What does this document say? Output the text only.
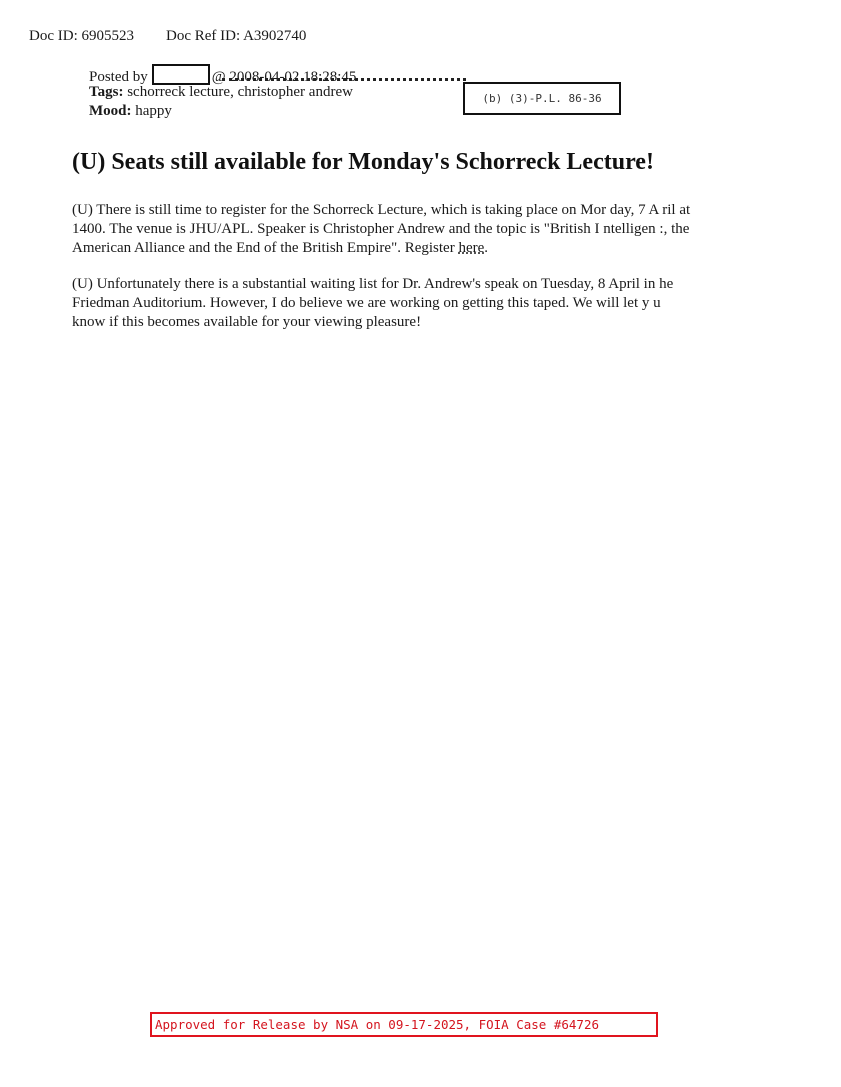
Doc ID: 6905523 Doc Ref ID: A3902740
Posted by	@ 2008-04-02 18:28:45
Tags: schorreck lecture, christopher andrew
Mood: happy
(b) (3)-P.L. 86-36
(U) Seats still available for Monday's Schorreck Lecture!
(U) There is still time to register for the Schorreck Lecture, which is taking place on Mor day, 7 A ril at
1400. The venue is JHU/APL. Speaker is Christopher Andrew and the topic is "British I ntelligen :, the
American Alliance and the End of the British Empire". Register here.
(U) Unfortunately there is a substantial waiting list for Dr. Andrew's speak on Tuesday, 8 April in he
Friedman Auditorium. However, I do believe we are working on getting this taped. We will let y u
know if this becomes available for your viewing pleasure!
Approved for Release by NSA on 09-17-2025, FOIA Case #64726
